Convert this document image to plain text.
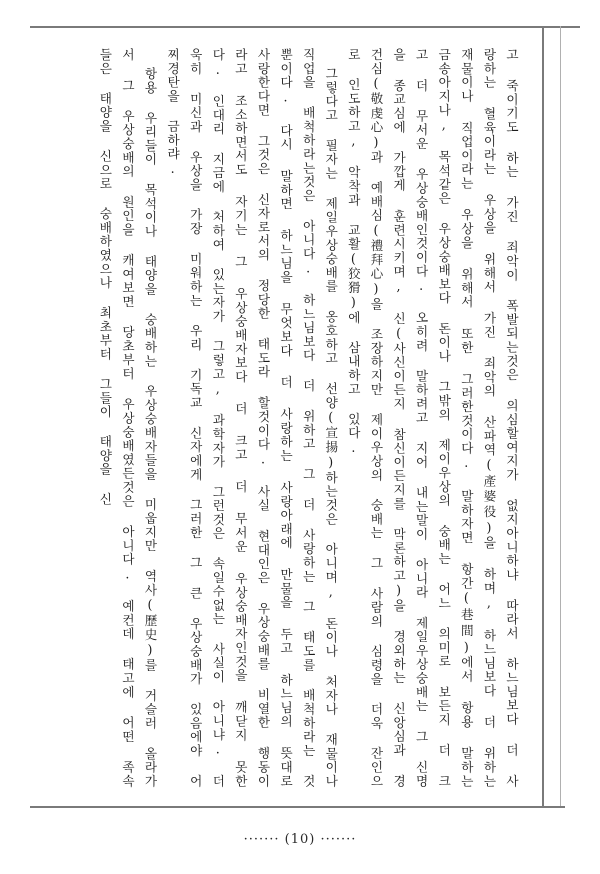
고 죽이기도 하는 가진 죄악이 폭발되는것은 의심할여지가 없지아니하냐 따라서 하느님보다 더 사랑하는 혈육이라는 우상을 위해서 가진 죄악의 산파역(產婆役)을 하며, 하느님보다 더 위하는 재물이나 직업이라는 우상을 위해서 또한 그러한것이다. 말하자면 항간(巷間)에서 항용 말하는 금송아지나, 목석같은 우상숭배보다 돈이나 그밖의 제이우상의 숭배는 어느 의미로 보든지 더 크고 더 무서운 우상숭배인것이다. 오히려 말하려고 지어 내는말이 아니라 제일우상숭배는 그 신명을 종교심에 가깝게 훈련시키며, 신(사신이든지 참신이든지를 막론하고)을 경외하는 신앙심과 경건심(敬虔心)과 예배심(禮拜心)을 조장하지만 제이우상의 숭배는 그 사람의 심령을 더욱 잔인으로 인도하고, 악착과 교활(狡猾)에 삼내하고 있다.

그렇다고 필자는 제일우상숭배를 옹호하고 선양(宣揚)하는것은 아니며, 돈이나 처자나 재물이나 직업을 배척하라는것은 아니다. 하느님보다 더 위하고 그 더 사랑하는 그 태도를 배척하라는 것뿐이다. 다시 말하면 하느님을 무엇보다 더 사랑하는 사랑아래에 만물을 두고 하느님의 뜻대로 사랑한다면 그것은 신자로서의 정당한 태도라 할것이다. 사실 현대인은 우상숭배를 비열한 행동이라고 조소하면서도 자기는 그 우상숭배자보다 더 크고 더 무서운 우상숭배자인것을 깨닫지 못한다. 인대리 지금에 처하여 있는자가 그렇고, 과학자가 그런것은 속일수없는 사실이 아니냐. 더욱히 미신과 우상을 가장 미워하는 우리 기독교 신자에게 그러한 그 큰 우상숭배가 있음에야 어찌경탄을 금하랴.

항용 우리들이 목석이나 태양을 숭배하는 우상숭배자들을 미웁지만 역사(歷史)를 거슬러 올라가서 그 우상숭배의 원인을 캐여보면 당초부터 우상숭배였든것은 아니다. 예컨데 태고에 어떤 족속들은 태양을 신으로 숭배하였으나 최초부터 그들이 태양을 신

······· (10) ·······
